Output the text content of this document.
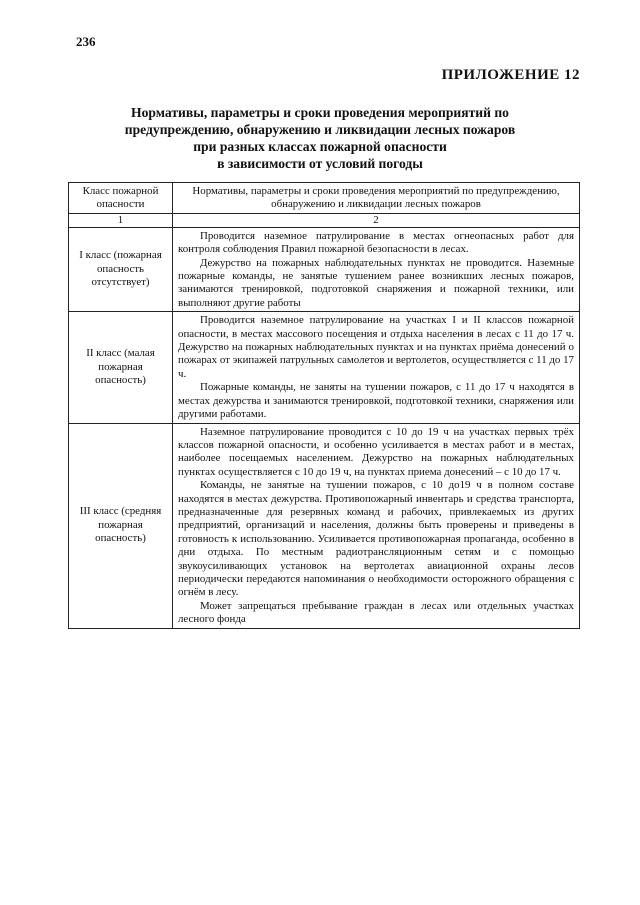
236
ПРИЛОЖЕНИЕ 12
Нормативы, параметры и сроки проведения мероприятий по
предупреждению, обнаружению и ликвидации лесных пожаров
при разных классах пожарной опасности
в зависимости от условий погоды
Класс пожарной опасности	Нормативы, параметры и сроки проведения мероприятий по предупреждению, обнаружению и ликвидации лесных пожаров
1	2
I класс (пожарная опасность отсутствует)	Проводится наземное патрулирование в местах огнеопасных работ для контроля соблюдения Правил пожарной безопасности в лесах.

Дежурство на пожарных наблюдательных пунктах не проводится. Наземные пожарные команды, не занятые тушением ранее возникших лесных пожаров, занимаются тренировкой, подготовкой снаряжения и пожарной техники, или выполняют другие работы

II класс (малая пожарная опасность)	Проводится наземное патрулирование на участках I и II классов пожарной опасности, в местах массового посещения и отдыха населения в лесах с 11 до 17 ч. Дежурство на пожарных наблюдательных пунктах и на пунктах приёма донесений о пожарах от экипажей патрульных самолетов и вертолетов, осуществляется с 11 до 17 ч.

Пожарные команды, не заняты на тушении пожаров, с 11 до 17 ч находятся в местах дежурства и занимаются тренировкой, подготовкой техники, снаряжения или другими работами.

III класс (средняя пожарная опасность)	Наземное патрулирование проводится с 10 до 19 ч на участках первых трёх классов пожарной опасности, и особенно усиливается в местах работ и в местах, наиболее посещаемых населением. Дежурство на пожарных наблюдательных пунктах осуществляется с 10 до 19 ч, на пунктах приема донесений – с 10 до 17 ч.

Команды, не занятые на тушении пожаров, с 10 до19 ч в полном составе находятся в местах дежурства. Противопожарный инвентарь и средства транспорта, предназначенные для резервных команд и рабочих, привлекаемых из других предприятий, организаций и населения, должны быть проверены и приведены в готовность к использованию. Усиливается противопожарная пропаганда, особенно в дни отдыха. По местным радиотрансляционным сетям и с помощью звукоусиливающих установок на вертолетах авиационной охраны лесов периодически передаются напоминания о необходимости осторожного обращения с огнём в лесу.

Может запрещаться пребывание граждан в лесах или отдельных участках лесного фонда
